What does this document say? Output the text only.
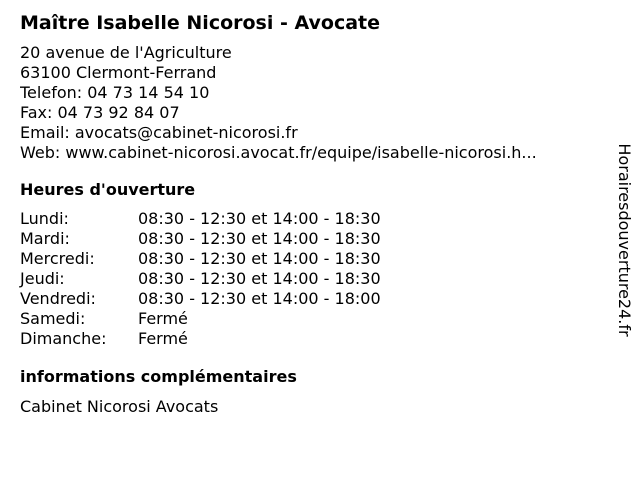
Maître Isabelle Nicorosi - Avocate
20 avenue de l'Agriculture
63100 Clermont-Ferrand
Telefon: 04 73 14 54 10
Fax: 04 73 92 84 07
Email: avocats@cabinet-nicorosi.fr
Web: www.cabinet-nicorosi.avocat.fr/equipe/isabelle-nicorosi.h...
Heures d'ouverture
Lundi:	08:30 - 12:30 et 14:00 - 18:30
Mardi:	08:30 - 12:30 et 14:00 - 18:30
Mercredi:	08:30 - 12:30 et 14:00 - 18:30
Jeudi:	08:30 - 12:30 et 14:00 - 18:30
Vendredi:	08:30 - 12:30 et 14:00 - 18:00
Samedi:	Fermé
Dimanche: Fermé
informations complémentaires
Cabinet Nicorosi Avocats
Horairesdouverture24.fr
